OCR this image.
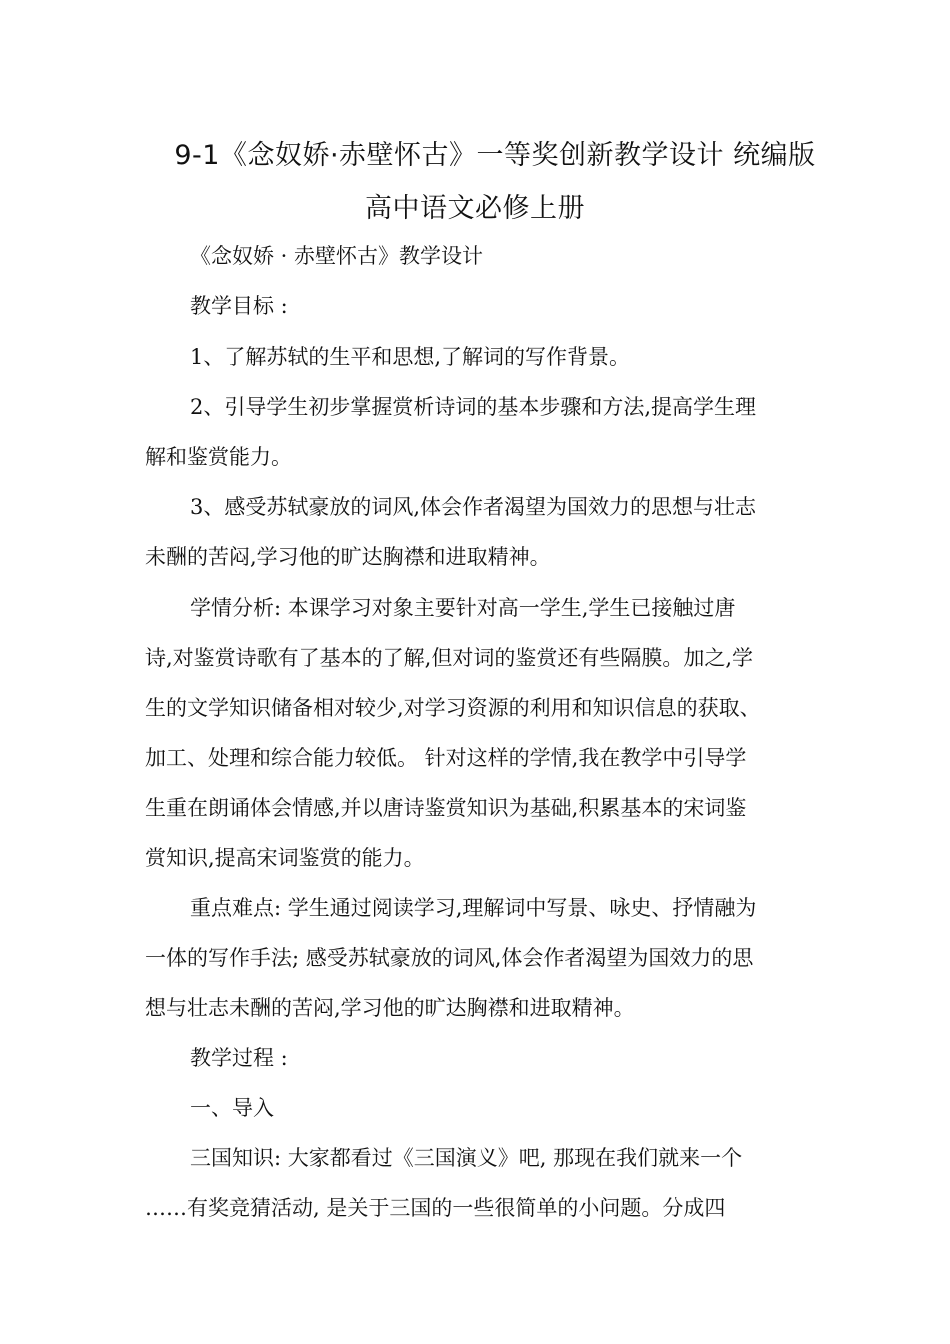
9-1《念奴娇·赤壁怀古》一等奖创新教学设计 统编版
高中语文必修上册
《念奴娇 · 赤壁怀古》教学设计
教学目标 :
1、了解苏轼的生平和思想,了解词的写作背景。
2、引导学生初步掌握赏析诗词的基本步骤和方法,提高学生理
解和鉴赏能力。
3、感受苏轼豪放的词风,体会作者渴望为国效力的思想与壮志
未酬的苦闷,学习他的旷达胸襟和进取精神。
学情分析: 本课学习对象主要针对高一学生,学生已接触过唐
诗,对鉴赏诗歌有了基本的了解,但对词的鉴赏还有些隔膜。加之,学
生的文学知识储备相对较少,对学习资源的利用和知识信息的获取、
加工、处理和综合能力较低。 针对这样的学情,我在教学中引导学
生重在朗诵体会情感,并以唐诗鉴赏知识为基础,积累基本的宋词鉴
赏知识,提高宋词鉴赏的能力。
重点难点: 学生通过阅读学习,理解词中写景、咏史、抒情融为
一体的写作手法; 感受苏轼豪放的词风,体会作者渴望为国效力的思
想与壮志未酬的苦闷,学习他的旷达胸襟和进取精神。
教学过程 :
一、导入
三国知识: 大家都看过《三国演义》吧, 那现在我们就来一个
……有奖竞猜活动, 是关于三国的一些很简单的小问题。分成四
